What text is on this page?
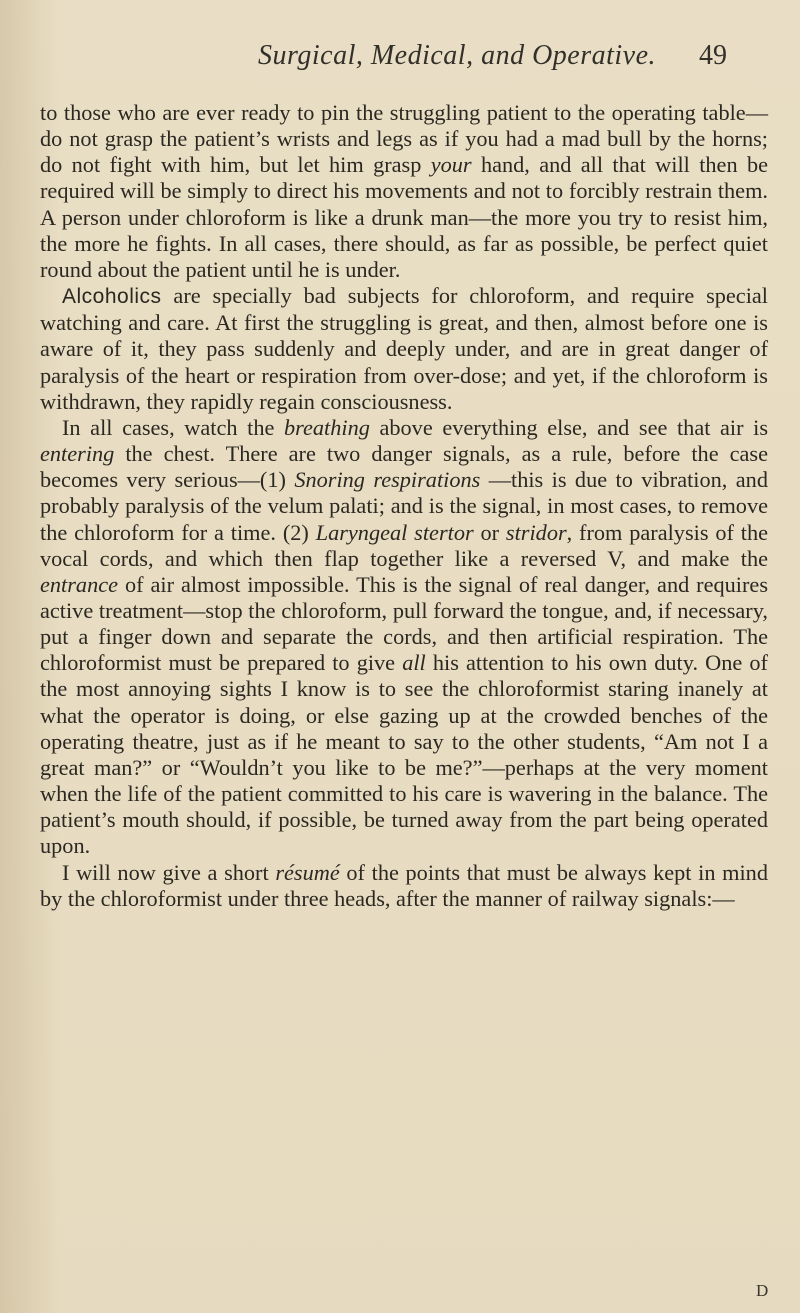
Surgical, Medical, and Operative. 49

to those who are ever ready to pin the struggling patient to the operating table—do not grasp the patient’s wrists and legs as if you had a mad bull by the horns; do not fight with him, but let him grasp your hand, and all that will then be required will be simply to direct his movements and not to forcibly restrain them. A person under chloroform is like a drunk man—the more you try to resist him, the more he fights. In all cases, there should, as far as possible, be perfect quiet round about the patient until he is under.

Alcoholics are specially bad subjects for chloroform, and require special watching and care. At first the struggling is great, and then, almost before one is aware of it, they pass suddenly and deeply under, and are in great danger of paralysis of the heart or respiration from over-dose; and yet, if the chloroform is withdrawn, they rapidly regain consciousness.

In all cases, watch the breathing above everything else, and see that air is entering the chest. There are two danger signals, as a rule, before the case becomes very serious—(1) Snoring respirations —this is due to vibration, and probably paralysis of the velum palati; and is the signal, in most cases, to remove the chloroform for a time. (2) Laryngeal stertor or stridor, from paralysis of the vocal cords, and which then flap together like a reversed V, and make the entrance of air almost impossible. This is the signal of real danger, and requires active treatment—stop the chloroform, pull forward the tongue, and, if necessary, put a finger down and separate the cords, and then artificial respiration. The chloroformist must be prepared to give all his attention to his own duty. One of the most annoying sights I know is to see the chloroformist staring inanely at what the operator is doing, or else gazing up at the crowded benches of the operating theatre, just as if he meant to say to the other students, “Am not I a great man?” or “Wouldn’t you like to be me?”—perhaps at the very moment when the life of the patient committed to his care is wavering in the balance. The patient’s mouth should, if possible, be turned away from the part being operated upon.

I will now give a short résumé of the points that must be always kept in mind by the chloroformist under three heads, after the manner of railway signals:—

D
